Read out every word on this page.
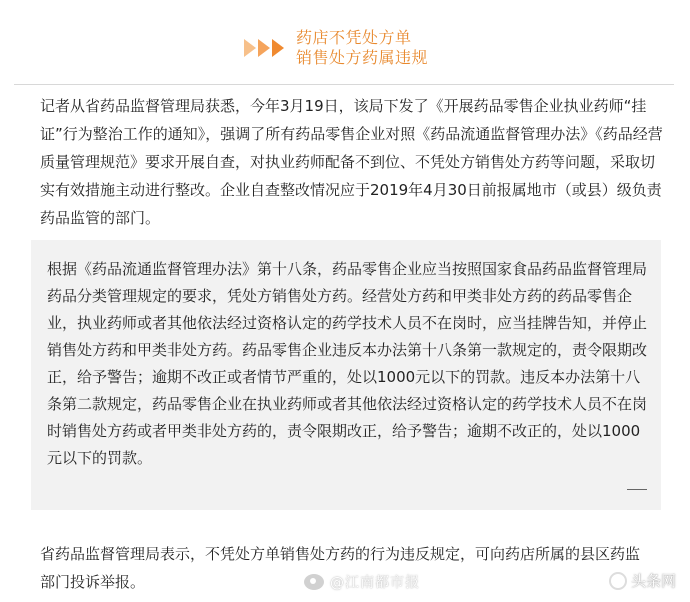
药店不凭处方单
销售处方药属违规

记者从省药品监督管理局获悉，今年3月19日，该局下发了《开展药品零售企业执业药师“挂证”行为整治工作的通知》，强调了所有药品零售企业对照《药品流通监督管理办法》《药品经营质量管理规范》要求开展自查，对执业药师配备不到位、不凭处方销售处方药等问题，采取切实有效措施主动进行整改。企业自查整改情况应于2019年4月30日前报属地市（或县）级负责药品监管的部门。

根据《药品流通监督管理办法》第十八条，药品零售企业应当按照国家食品药品监督管理局药品分类管理规定的要求，凭处方销售处方药。经营处方药和甲类非处方药的药品零售企业，执业药师或者其他依法经过资格认定的药学技术人员不在岗时，应当挂牌告知，并停止销售处方药和甲类非处方药。药品零售企业违反本办法第十八条第一款规定的，责令限期改正，给予警告；逾期不改正或者情节严重的，处以1000元以下的罚款。违反本办法第十八条第二款规定，药品零售企业在执业药师或者其他依法经过资格认定的药学技术人员不在岗时销售处方药或者甲类非处方药的，责令限期改正，给予警告；逾期不改正的，处以1000元以下的罚款。

省药品监督管理局表示，不凭处方单销售处方药的行为违反规定，可向药店所属的县区药监部门投诉举报。	@江南都市报	头条网
